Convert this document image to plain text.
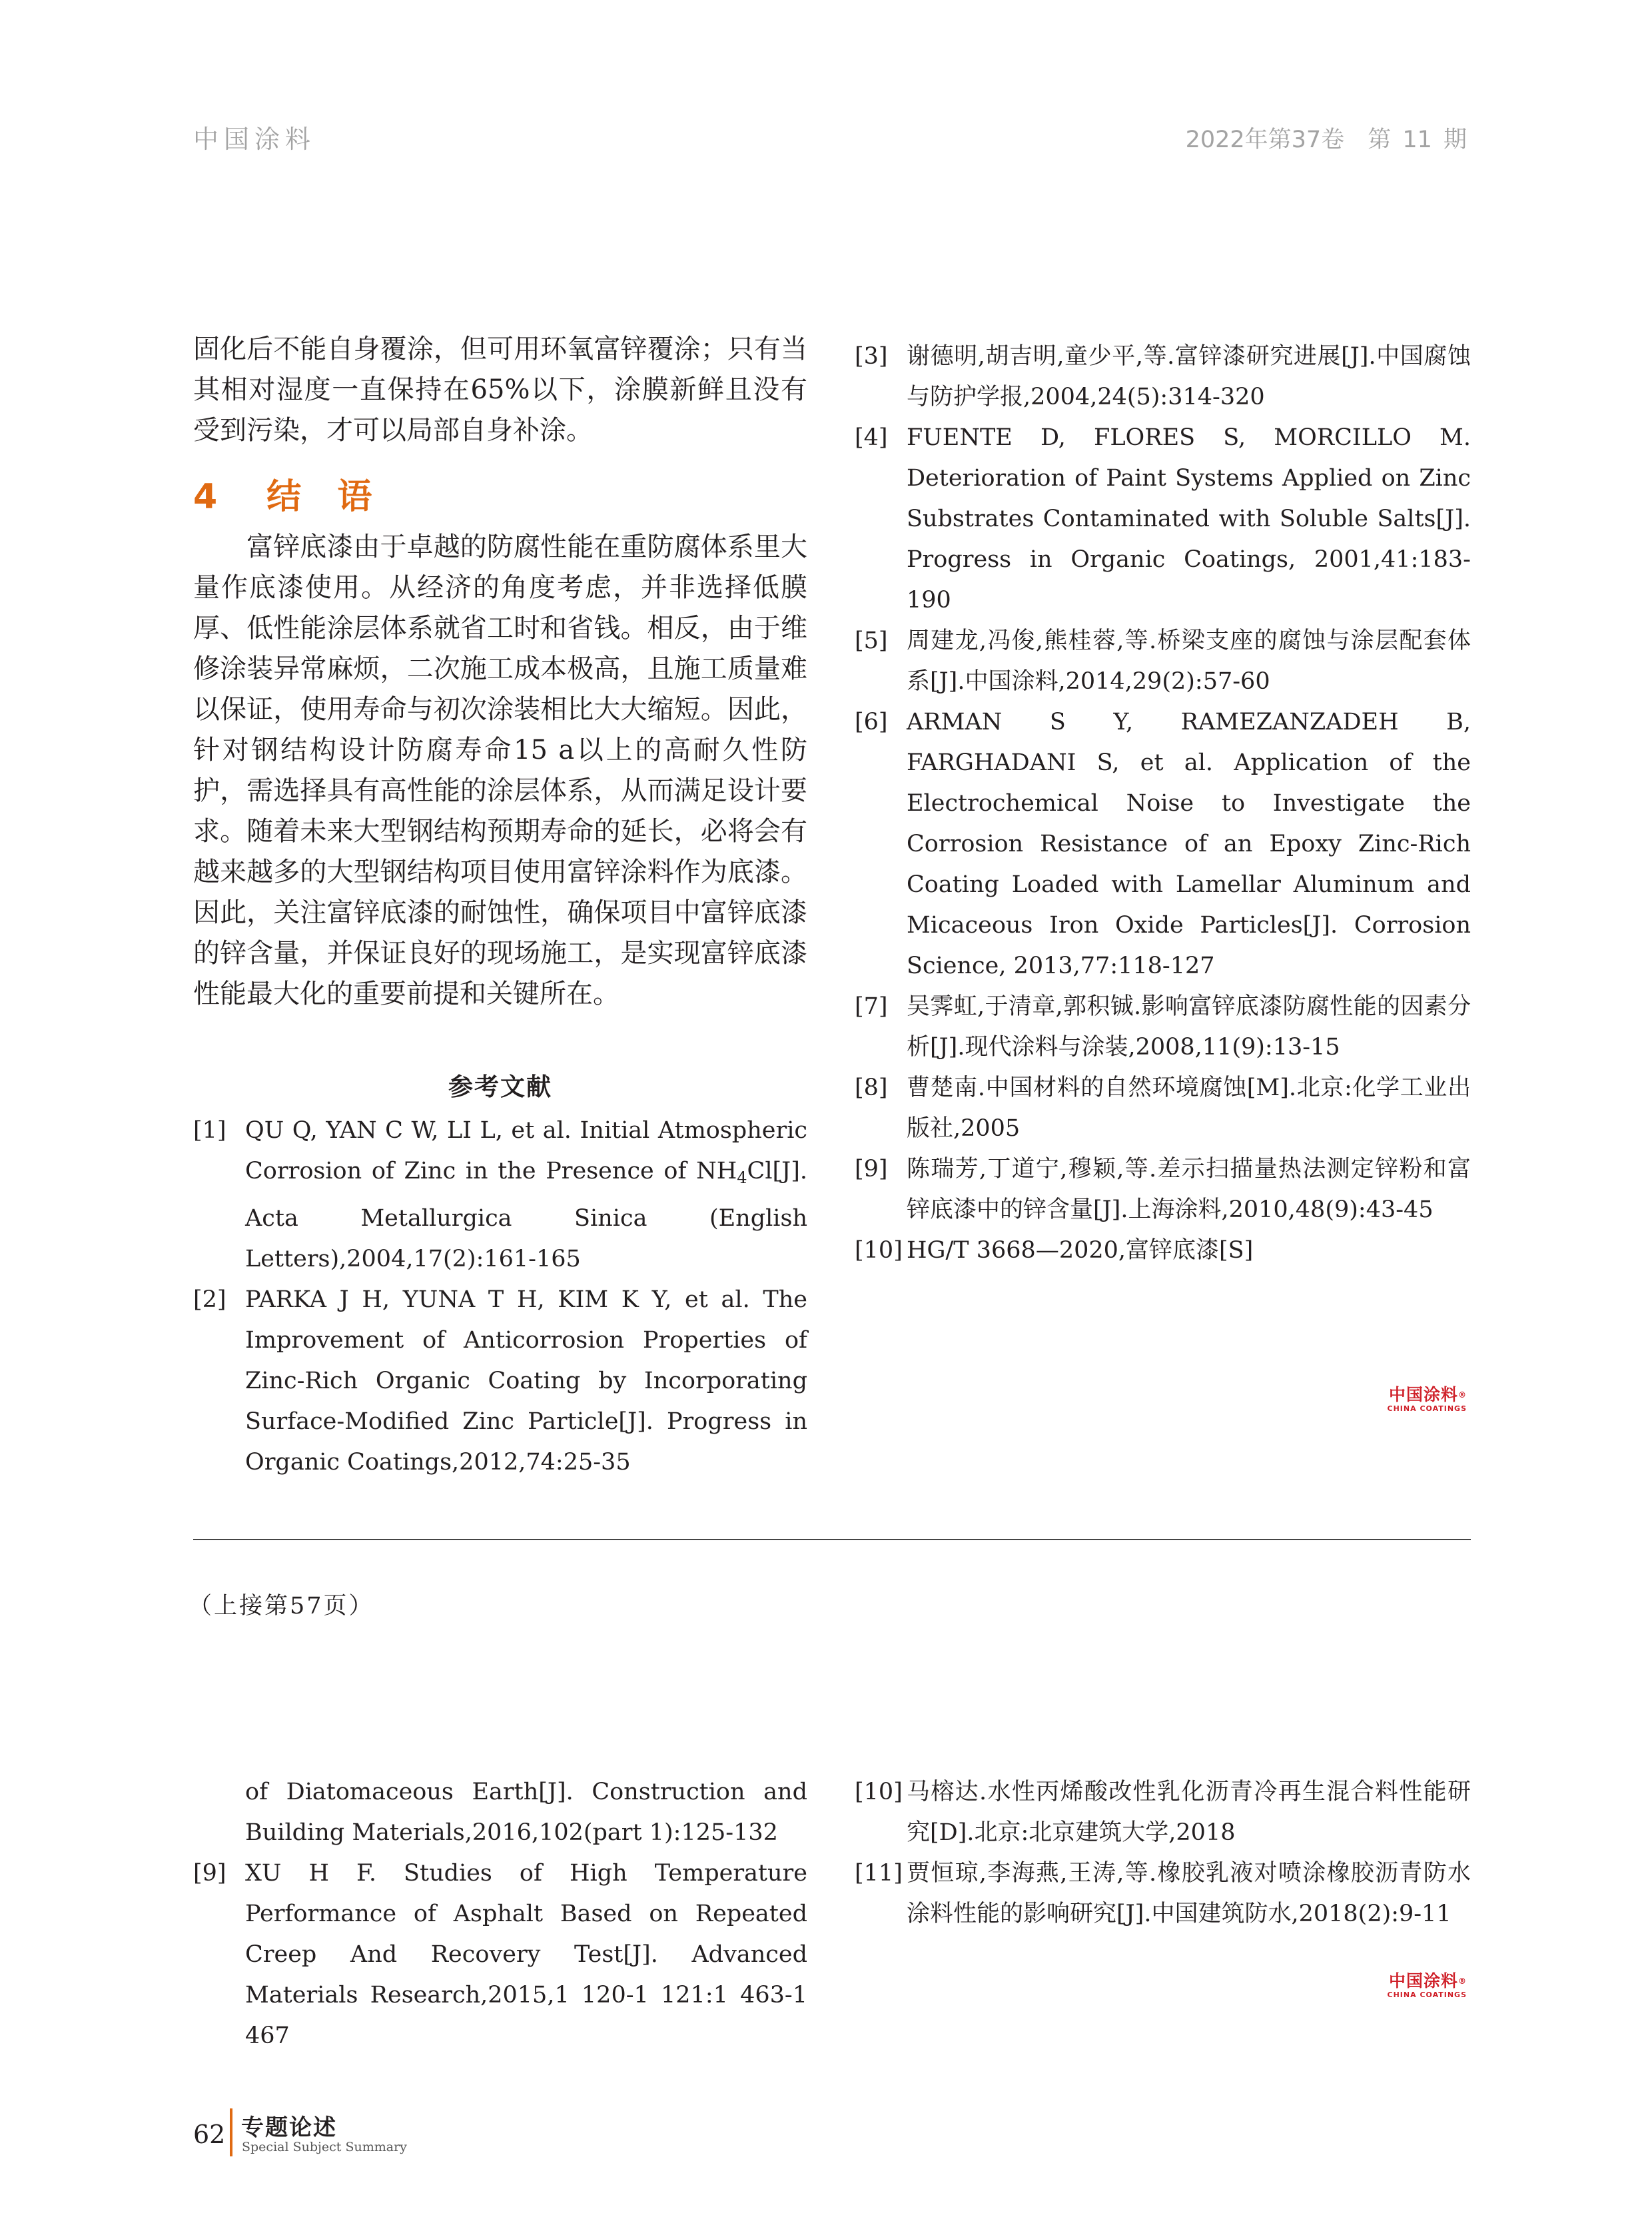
中国涂料	2022年第37卷　第 11 期

固化后不能自身覆涂，但可用环氧富锌覆涂；只有当其相对湿度一直保持在65%以下，涂膜新鲜且没有受到污染，才可以局部自身补涂。

4 结 语

富锌底漆由于卓越的防腐性能在重防腐体系里大量作底漆使用。从经济的角度考虑，并非选择低膜厚、低性能涂层体系就省工时和省钱。相反，由于维修涂装异常麻烦，二次施工成本极高，且施工质量难以保证，使用寿命与初次涂装相比大大缩短。因此，针对钢结构设计防腐寿命15 a以上的高耐久性防护，需选择具有高性能的涂层体系，从而满足设计要求。随着未来大型钢结构预期寿命的延长，必将会有越来越多的大型钢结构项目使用富锌涂料作为底漆。因此，关注富锌底漆的耐蚀性，确保项目中富锌底漆的锌含量，并保证良好的现场施工，是实现富锌底漆性能最大化的重要前提和关键所在。

参考文献
[1] QU Q, YAN C W, LI L, et al. Initial Atmospheric Corrosion of Zinc in the Presence of $NH_4Cl[J]$. Acta Metallurgica Sinica (English Letters),2004,17(2):161-165
[2] PARKA J H, YUNA T H, KIM K Y, et al. The Improvement of Anticorrosion Properties of Zinc-Rich Organic Coating by Incorporating Surface-Modified Zinc Particle[J]. Progress in Organic Coatings,2012,74:25-35
[3] 谢德明,胡吉明,童少平,等.富锌漆研究进展[J].中国腐蚀与防护学报,2004,24(5):314-320
[4] FUENTE D, FLORES S, MORCILLO M. Deterioration of Paint Systems Applied on Zinc Substrates Contaminated with Soluble Salts[J]. Progress in Organic Coatings, 2001,41:183-190
[5] 周建龙,冯俊,熊桂蓉,等.桥梁支座的腐蚀与涂层配套体系[J].中国涂料,2014,29(2):57-60
[6] ARMAN S Y, RAMEZANZADEH B, FARGHADANI S, et al. Application of the Electrochemical Noise to Investigate the Corrosion Resistance of an Epoxy Zinc-Rich Coating Loaded with Lamellar Aluminum and Micaceous Iron Oxide Particles[J]. Corrosion Science, 2013,77:118-127
[7] 吴霁虹,于清章,郭积铖.影响富锌底漆防腐性能的因素分析[J].现代涂料与涂装,2008,11(9):13-15
[8] 曹楚南.中国材料的自然环境腐蚀[M].北京:化学工业出版社,2005
[9] 陈瑞芳,丁道宁,穆颖,等.差示扫描量热法测定锌粉和富锌底漆中的锌含量[J].上海涂料,2010,48(9):43-45
[10] HG/T 3668—2020,富锌底漆[S]
中国涂料®
CHINA COATINGS
（上接第57页）
of Diatomaceous Earth[J]. Construction and Building Materials,2016,102(part 1):125-132
[9] XU H F. Studies of High Temperature Performance of Asphalt Based on Repeated Creep And Recovery Test[J]. Advanced Materials Research,2015,1 120-1 121:1 463-1 467
[10] 马榕达.水性丙烯酸改性乳化沥青冷再生混合料性能研究[D].北京:北京建筑大学,2018
[11] 贾恒琼,李海燕,王涛,等.橡胶乳液对喷涂橡胶沥青防水涂料性能的影响研究[J].中国建筑防水,2018(2):9-11
中国涂料®
CHINA COATINGS
62 专题论述
Special Subject Summary
